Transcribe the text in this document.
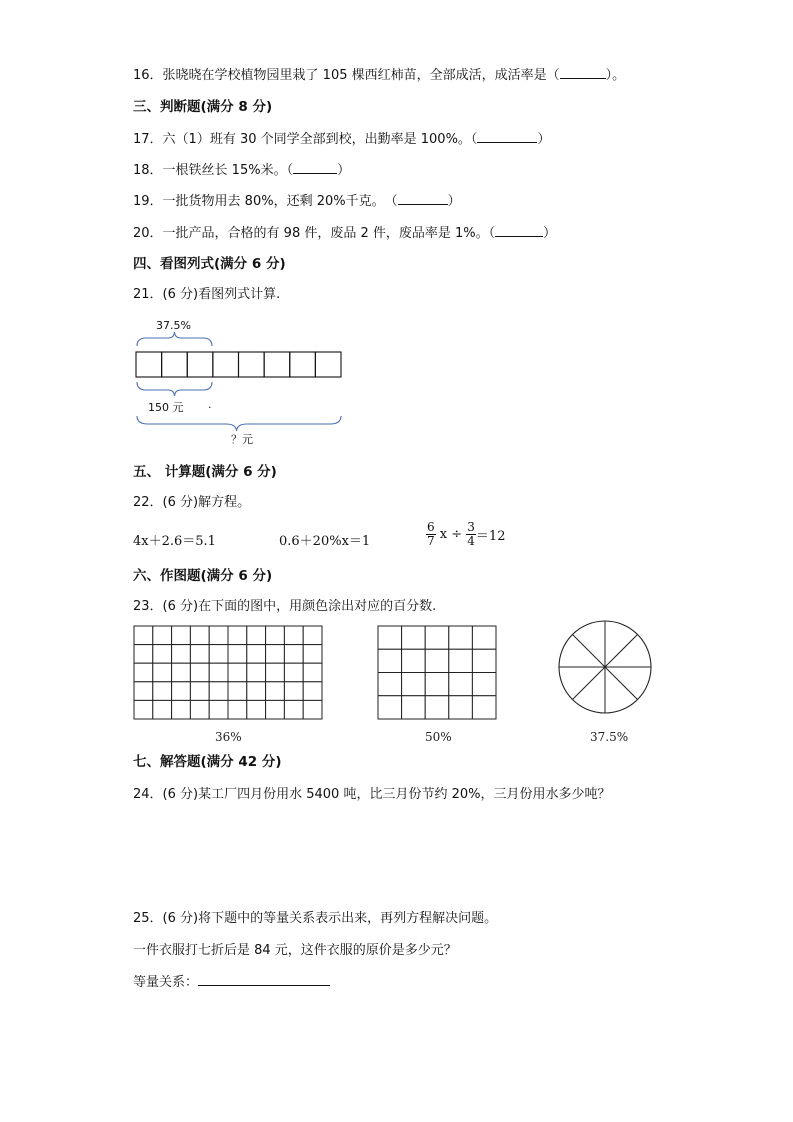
16．张晓晓在学校植物园里栽了 105 棵西红柿苗，全部成活，成活率是（	）。
三、判断题(满分 8 分)
17．六（1）班有 30 个同学全部到校，出勤率是 100%。（	）
18．一根铁丝长 15%米。（	）
19．一批货物用去 80%，还剩 20%千克。　（	）
20．一批产品，合格的有 98 件，废品 2 件，废品率是 1%。（	）
四、看图列式(满分 6 分)
21．(6 分)看图列式计算.
37.5%
150 元 .
？元
五、 计算题(满分 6 分)
22．(6 分)解方程。
4x＋2.6＝5.1	0.6＋20%x＝1	$\frac{6}{7}$ $x \div \frac{3}{4} =12$
六、作图题(满分 6 分)
23．(6 分)在下面的图中，用颜色涂出对应的百分数.
36%	50%	37.5%
七、解答题(满分 42 分)
24．(6 分)某工厂四月份用水 5400 吨，比三月份节约 20%，三月份用水多少吨？
25．(6 分)将下题中的等量关系表示出来，再列方程解决问题。
一件衣服打七折后是 84 元，这件衣服的原价是多少元？
等量关系：
